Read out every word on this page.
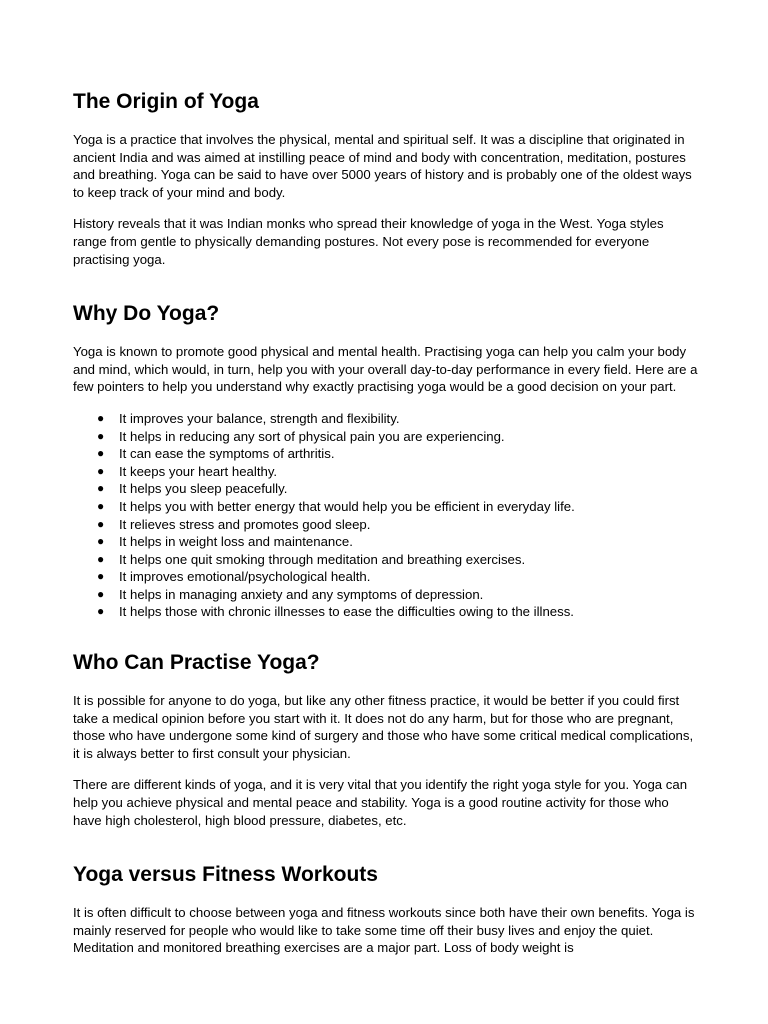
The Origin of Yoga

Yoga is a practice that involves the physical, mental and spiritual self. It was a discipline that originated in ancient India and was aimed at instilling peace of mind and body with concentration, meditation, postures and breathing. Yoga can be said to have over 5000 years of history and is probably one of the oldest ways to keep track of your mind and body.

History reveals that it was Indian monks who spread their knowledge of yoga in the West. Yoga styles range from gentle to physically demanding postures. Not every pose is recommended for everyone practising yoga.

Why Do Yoga?

Yoga is known to promote good physical and mental health. Practising yoga can help you calm your body and mind, which would, in turn, help you with your overall day-to-day performance in every field. Here are a few pointers to help you understand why exactly practising yoga would be a good decision on your part.

● It improves your balance, strength and flexibility.
● It helps in reducing any sort of physical pain you are experiencing.
● It can ease the symptoms of arthritis.
● It keeps your heart healthy.
● It helps you sleep peacefully.
● It helps you with better energy that would help you be efficient in everyday life.
● It relieves stress and promotes good sleep.
● It helps in weight loss and maintenance.
● It helps one quit smoking through meditation and breathing exercises.
● It improves emotional/psychological health.
● It helps in managing anxiety and any symptoms of depression.
● It helps those with chronic illnesses to ease the difficulties owing to the illness.
Who Can Practise Yoga?

It is possible for anyone to do yoga, but like any other fitness practice, it would be better if you could first take a medical opinion before you start with it. It does not do any harm, but for those who are pregnant, those who have undergone some kind of surgery and those who have some critical medical complications, it is always better to first consult your physician.

There are different kinds of yoga, and it is very vital that you identify the right yoga style for you. Yoga can help you achieve physical and mental peace and stability. Yoga is a good routine activity for those who have high cholesterol, high blood pressure, diabetes, etc.

Yoga versus Fitness Workouts

It is often difficult to choose between yoga and fitness workouts since both have their own benefits. Yoga is mainly reserved for people who would like to take some time off their busy lives and enjoy the quiet. Meditation and monitored breathing exercises are a major part. Loss of body weight is
